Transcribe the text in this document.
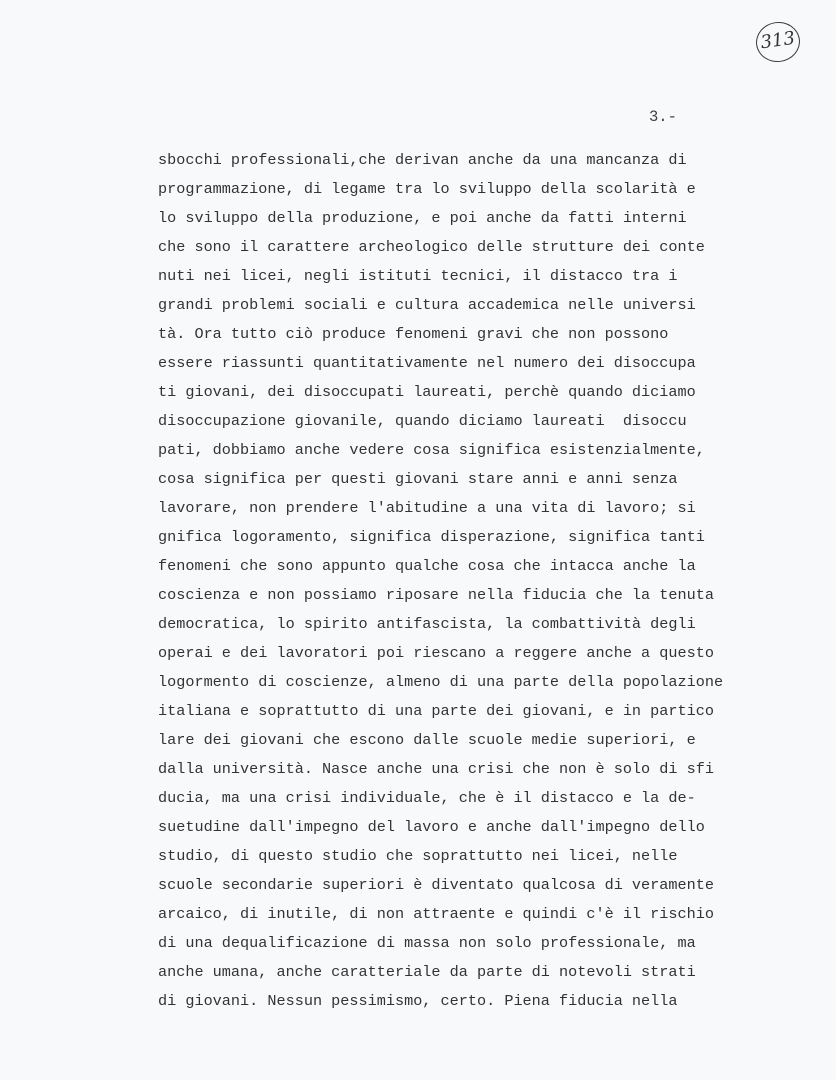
313
3.-
sbocchi professionali,che derivan anche da una mancanza di
programmazione, di legame tra lo sviluppo della scolarità e
lo sviluppo della produzione, e poi anche da fatti interni
che sono il carattere archeologico delle strutture dei conte
nuti nei licei, negli istituti tecnici, il distacco tra i
grandi problemi sociali e cultura accademica nelle universi
tà. Ora tutto ciò produce fenomeni gravi che non possono
essere riassunti quantitativamente nel numero dei disoccupa
ti giovani, dei disoccupati laureati, perchè quando diciamo
disoccupazione giovanile, quando diciamo laureati  disoccu
pati, dobbiamo anche vedere cosa significa esistenzialmente,
cosa significa per questi giovani stare anni e anni senza
lavorare, non prendere l'abitudine a una vita di lavoro; si
gnifica logoramento, significa disperazione, significa tanti
fenomeni che sono appunto qualche cosa che intacca anche la
coscienza e non possiamo riposare nella fiducia che la tenuta
democratica, lo spirito antifascista, la combattività degli
operai e dei lavoratori poi riescano a reggere anche a questo
logormento di coscienze, almeno di una parte della popolazione
italiana e soprattutto di una parte dei giovani, e in partico
lare dei giovani che escono dalle scuole medie superiori, e
dalla università. Nasce anche una crisi che non è solo di sfi
ducia, ma una crisi individuale, che è il distacco e la de-
suetudine dall'impegno del lavoro e anche dall'impegno dello
studio, di questo studio che soprattutto nei licei, nelle
scuole secondarie superiori è diventato qualcosa di veramente
arcaico, di inutile, di non attraente e quindi c'è il rischio
di una dequalificazione di massa non solo professionale, ma
anche umana, anche caratteriale da parte di notevoli strati
di giovani. Nessun pessimismo, certo. Piena fiducia nella
